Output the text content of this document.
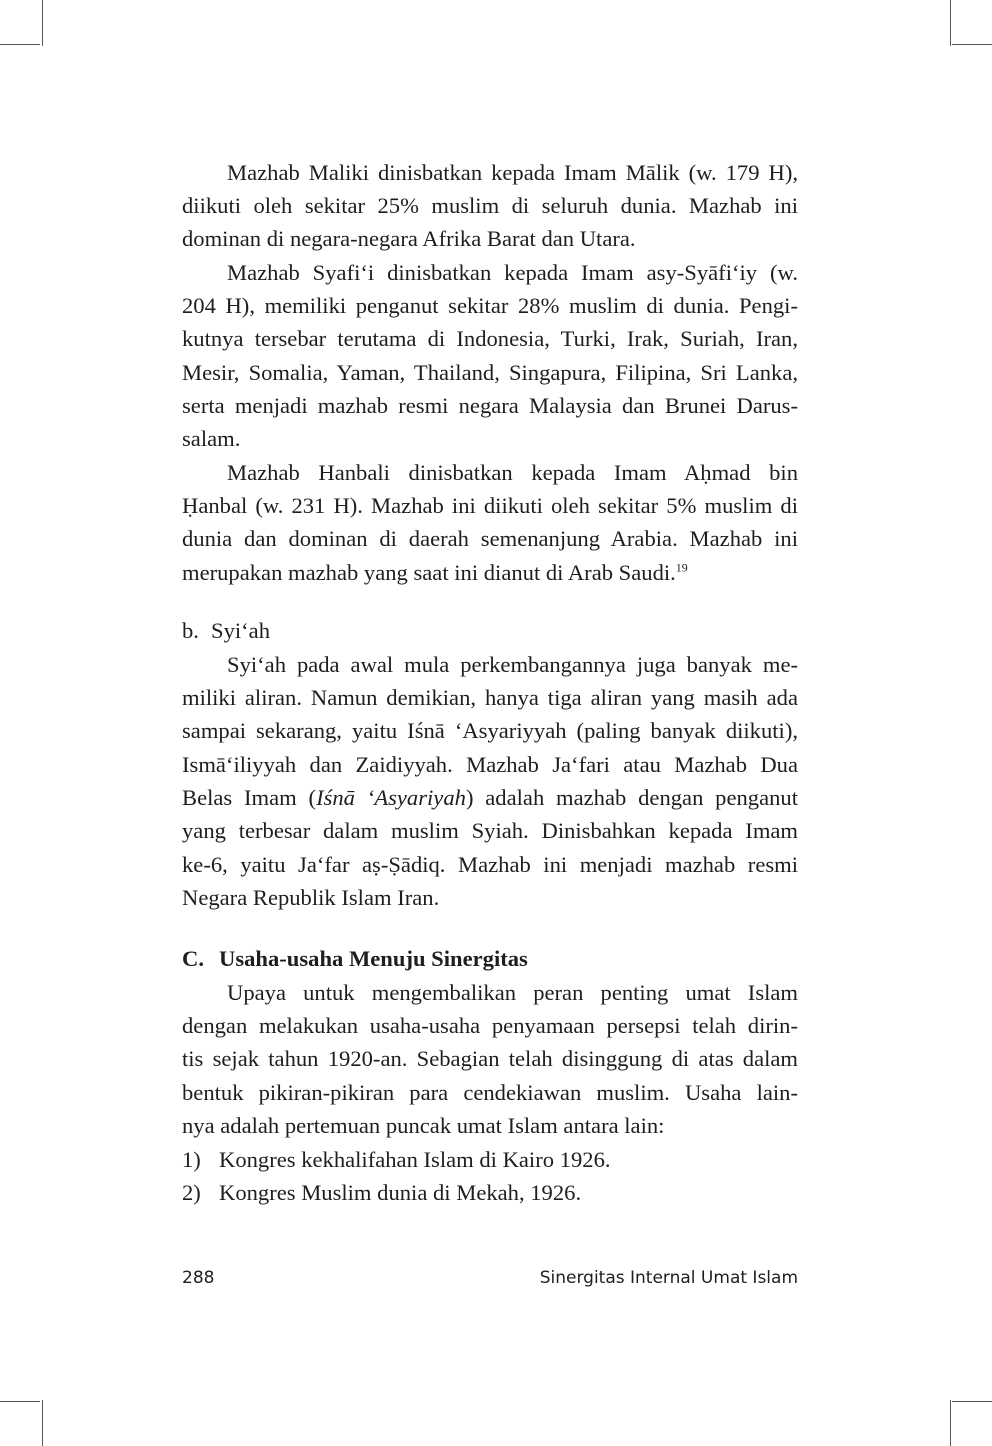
Mazhab Maliki dinisbatkan kepada Imam Mālik (w. 179 H),
diikuti oleh sekitar 25% muslim di seluruh dunia. Mazhab ini
dominan di negara-negara Afrika Barat dan Utara.
Mazhab Syafiʻi dinisbatkan kepada Imam asy-Syāfiʻiy (w.
204 H), memiliki penganut sekitar 28% muslim di dunia. Pengi-
kutnya tersebar terutama di Indonesia, Turki, Irak, Suriah, Iran,
Mesir, Somalia, Yaman, Thailand, Singapura, Filipina, Sri Lanka,
serta menjadi mazhab resmi negara Malaysia dan Brunei Darus-
salam.
Mazhab Hanbali dinisbatkan kepada Imam Aḥmad bin
Ḥanbal (w. 231 H). Mazhab ini diikuti oleh sekitar 5% muslim di
dunia dan dominan di daerah semenanjung Arabia. Mazhab ini
merupakan mazhab yang saat ini dianut di Arab Saudi.$^{19}$
b. Syiʻah
Syiʻah pada awal mula perkembangannya juga banyak me-
miliki aliran. Namun demikian, hanya tiga aliran yang masih ada
sampai sekarang, yaitu Iśnā ʻAsyariyyah (paling banyak diikuti),
Ismāʻiliyyah dan Zaidiyyah. Mazhab Jaʻfari atau Mazhab Dua
Belas Imam (Iśnā ʻAsyariyah) adalah mazhab dengan penganut
yang terbesar dalam muslim Syiah. Dinisbahkan kepada Imam
ke-6, yaitu Jaʻfar aṣ-Ṣādiq. Mazhab ini menjadi mazhab resmi
Negara Republik Islam Iran.
C. Usaha-usaha Menuju Sinergitas
Upaya untuk mengembalikan peran penting umat Islam
dengan melakukan usaha-usaha penyamaan persepsi telah dirin-
tis sejak tahun 1920-an. Sebagian telah disinggung di atas dalam
bentuk pikiran-pikiran para cendekiawan muslim. Usaha lain-
nya adalah pertemuan puncak umat Islam antara lain:
1) Kongres kekhalifahan Islam di Kairo 1926.
2) Kongres Muslim dunia di Mekah, 1926.
288	Sinergitas Internal Umat Islam
